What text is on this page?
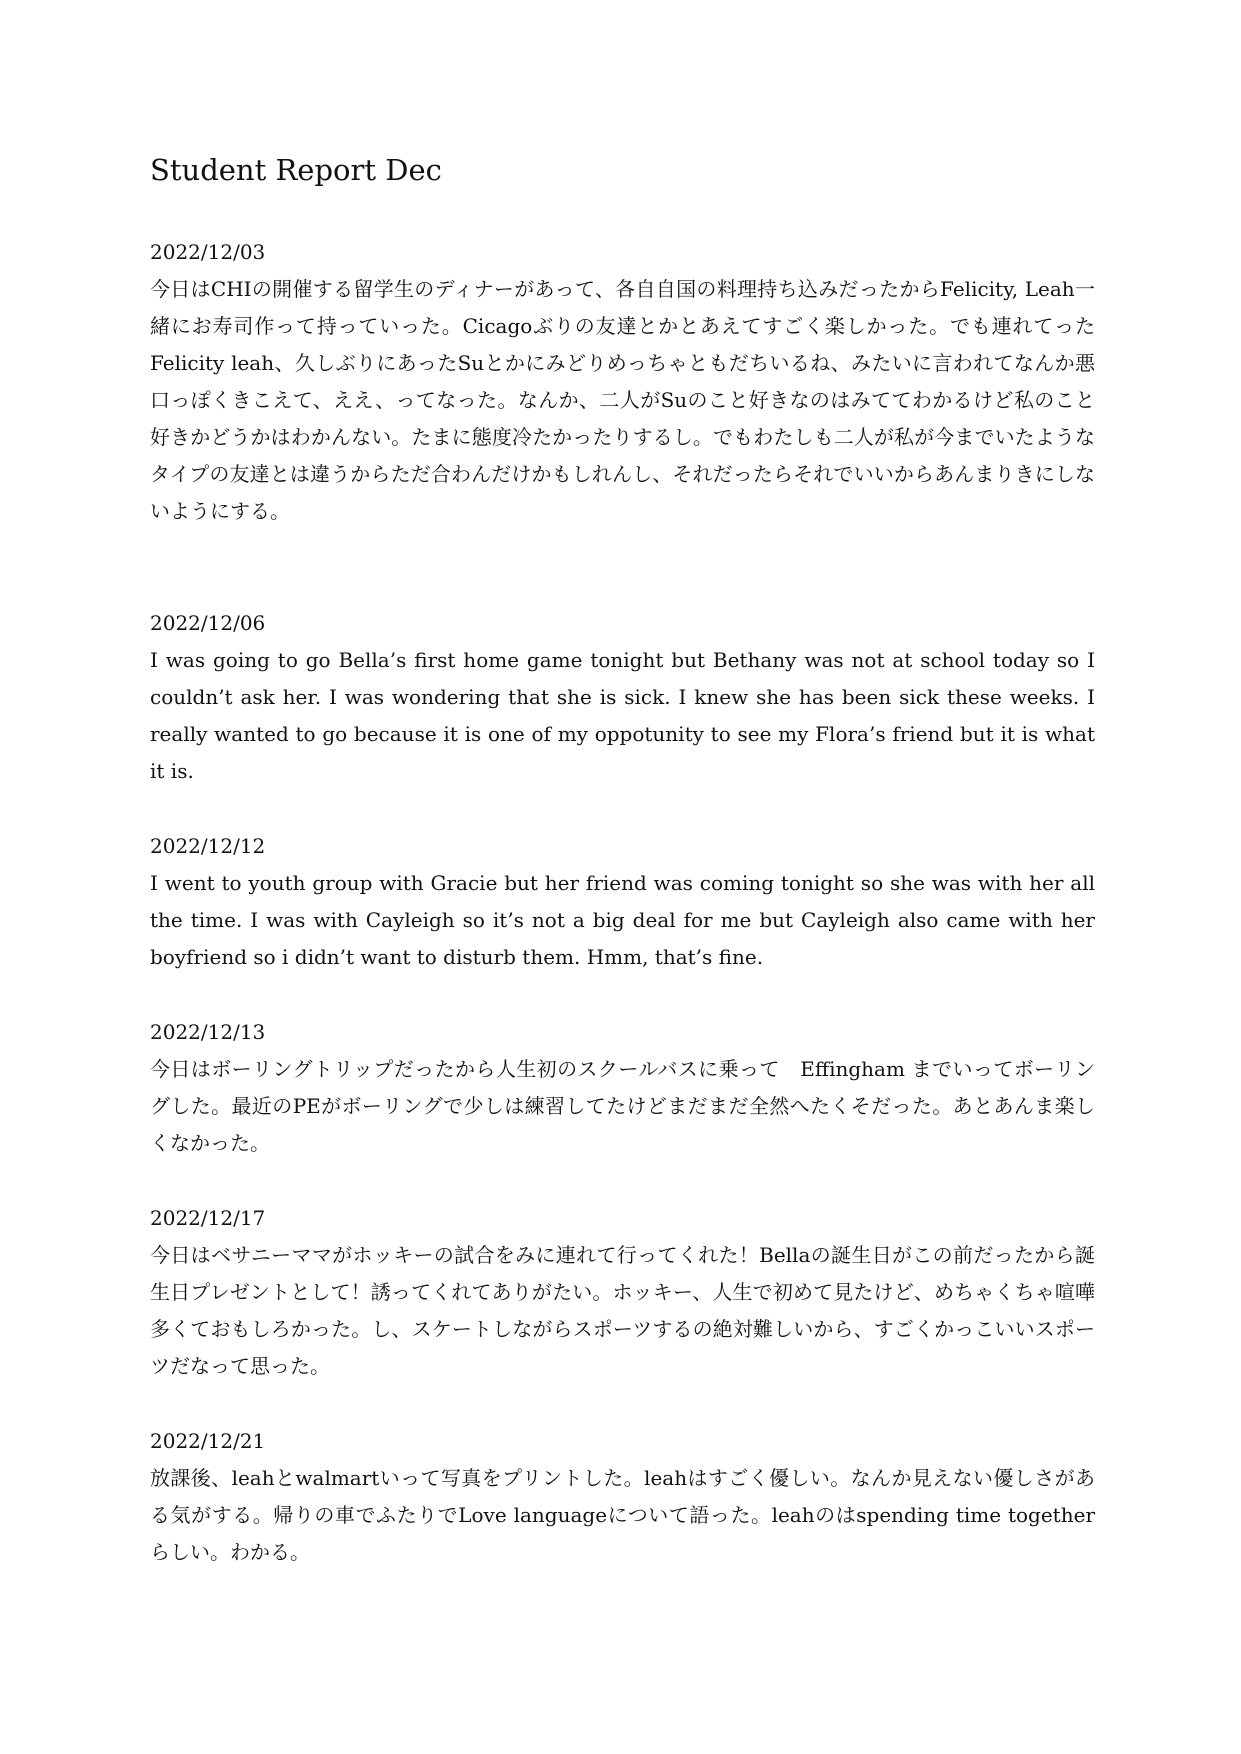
Student Report Dec

2022/12/03

今日はCHIの開催する留学生のディナーがあって、各自自国の料理持ち込みだったからFelicity, Leah一緒にお寿司作って持っていった。Cicagoぶりの友達とかとあえてすごく楽しかった。でも連れてったFelicity leah、久しぶりにあったSuとかにみどりめっちゃともだちいるね、みたいに言われてなんか悪口っぽくきこえて、ええ、ってなった。なんか、二人がSuのこと好きなのはみててわかるけど私のこと好きかどうかはわかんない。たまに態度冷たかったりするし。でもわたしも二人が私が今までいたようなタイプの友達とは違うからただ合わんだけかもしれんし、それだったらそれでいいからあんまりきにしないようにする。

2022/12/06

I was going to go Bella’s first home game tonight but Bethany was not at school today so I couldn’t ask her. I was wondering that she is sick. I knew she has been sick these weeks. I really wanted to go because it is one of my oppotunity to see my Flora’s friend but it is what it is.

2022/12/12

I went to youth group with Gracie but her friend was coming tonight so she was with her all the time. I was with Cayleigh so it’s not a big deal for me but Cayleigh also came with her boyfriend so i didn’t want to disturb them. Hmm, that’s fine.

2022/12/13

今日はボーリングトリップだったから人生初のスクールバスに乗って　Effingham までいってボーリングした。最近のPEがボーリングで少しは練習してたけどまだまだ全然へたくそだった。あとあんま楽しくなかった。

2022/12/17

今日はベサニーママがホッキーの試合をみに連れて行ってくれた！Bellaの誕生日がこの前だったから誕生日プレゼントとして！誘ってくれてありがたい。ホッキー、人生で初めて見たけど、めちゃくちゃ喧嘩多くておもしろかった。し、スケートしながらスポーツするの絶対難しいから、すごくかっこいいスポーツだなって思った。

2022/12/21

放課後、leahとwalmartいって写真をプリントした。leahはすごく優しい。なんか見えない優しさがある気がする。帰りの車でふたりでLove languageについて語った。leahのはspending time together　らしい。わかる。
